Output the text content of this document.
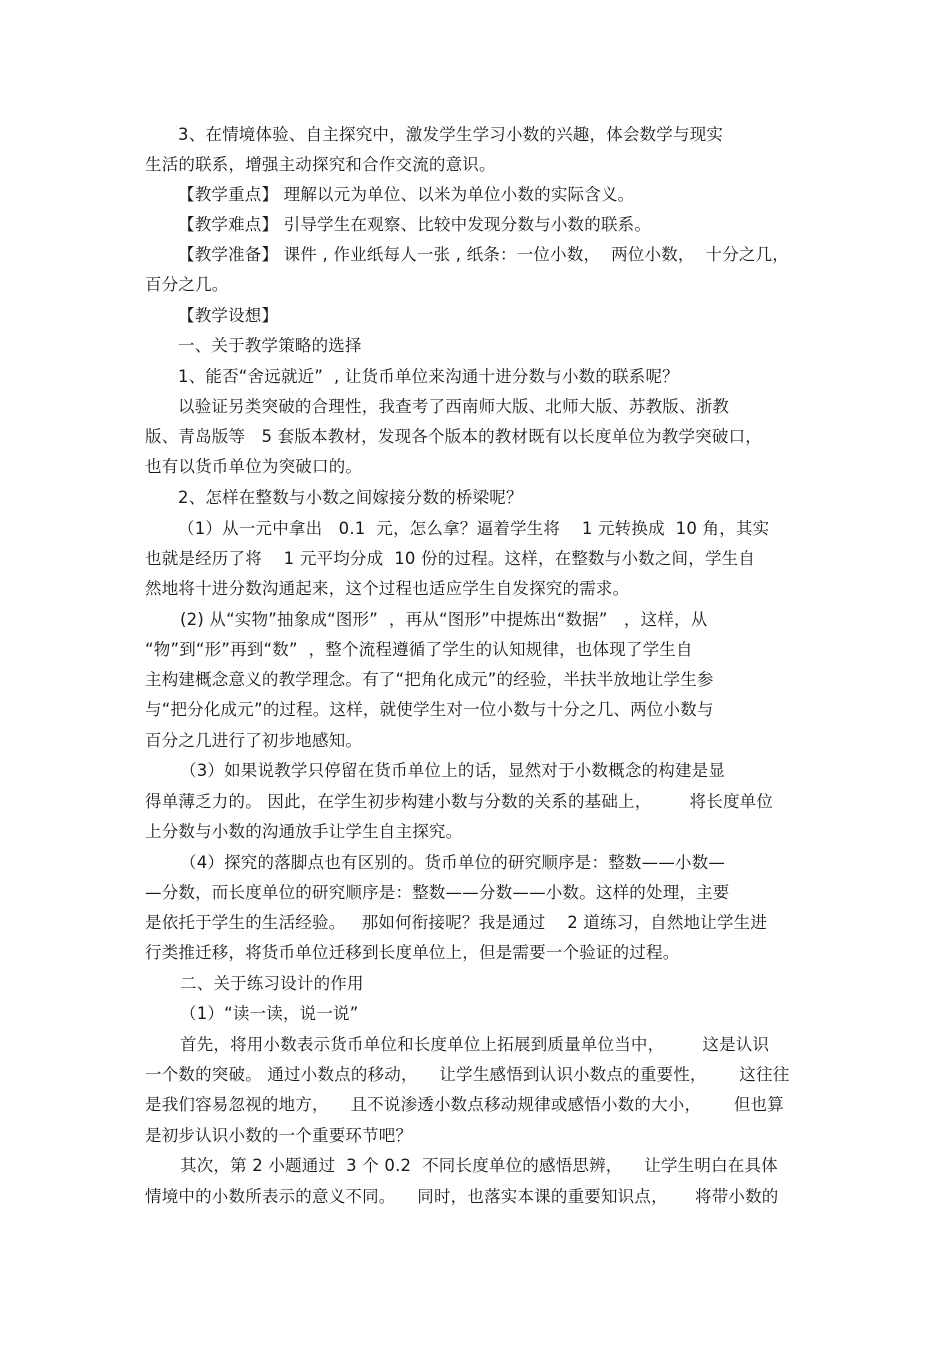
3、在情境体验、自主探究中，激发学生学习小数的兴趣，体会数学与现实
生活的联系，增强主动探究和合作交流的意识。
【教学重点】 理解以元为单位、以米为单位小数的实际含义。
【教学难点】 引导学生在观察、比较中发现分数与小数的联系。
【教学准备】 课件 , 作业纸每人一张 , 纸条：一位小数，  两位小数，  十分之几，
百分之几。
【教学设想】
一、关于教学策略的选择
1、能否“舍远就近”  , 让货币单位来沟通十进分数与小数的联系呢？
以验证另类突破的合理性，我查考了西南师大版、北师大版、苏教版、浙教
版、青岛版等   5 套版本教材，发现各个版本的教材既有以长度单位为教学突破口，
也有以货币单位为突破口的。
2、怎样在整数与小数之间嫁接分数的桥梁呢？
（1）从一元中拿出   0.1  元，怎么拿？逼着学生将    1 元转换成  10 角，其实
也就是经历了将    1 元平均分成  10 份的过程。这样，在整数与小数之间，学生自
然地将十进分数沟通起来，这个过程也适应学生自发探究的需求。
(2) 从“实物”抽象成“图形”  ，再从“图形”中提炼出“数据”   ，这样，从
“物”到“形”再到“数”  ，整个流程遵循了学生的认知规律，也体现了学生自
主构建概念意义的教学理念。有了“把角化成元”的经验，半扶半放地让学生参
与“把分化成元”的过程。这样，就使学生对一位小数与十分之几、两位小数与
百分之几进行了初步地感知。
（3）如果说教学只停留在货币单位上的话，显然对于小数概念的构建是显
得单薄乏力的。 因此，在学生初步构建小数与分数的关系的基础上，       将长度单位
上分数与小数的沟通放手让学生自主探究。
（4）探究的落脚点也有区别的。货币单位的研究顺序是：整数——小数—
—分数，而长度单位的研究顺序是：整数——分数——小数。这样的处理，主要
是依托于学生的生活经验。   那如何衔接呢？我是通过    2 道练习，自然地让学生进
行类推迁移，将货币单位迁移到长度单位上，但是需要一个验证的过程。
二、关于练习设计的作用
（1）“读一读，说一说”
首先，将用小数表示货币单位和长度单位上拓展到质量单位当中，       这是认识
一个数的突破。 通过小数点的移动，    让学生感悟到认识小数点的重要性，      这往往
是我们容易忽视的地方，    且不说渗透小数点移动规律或感悟小数的大小，      但也算
是初步认识小数的一个重要环节吧？
其次，第 2 小题通过  3 个 0.2  不同长度单位的感悟思辨，    让学生明白在具体
情境中的小数所表示的意义不同。    同时，也落实本课的重要知识点，     将带小数的
